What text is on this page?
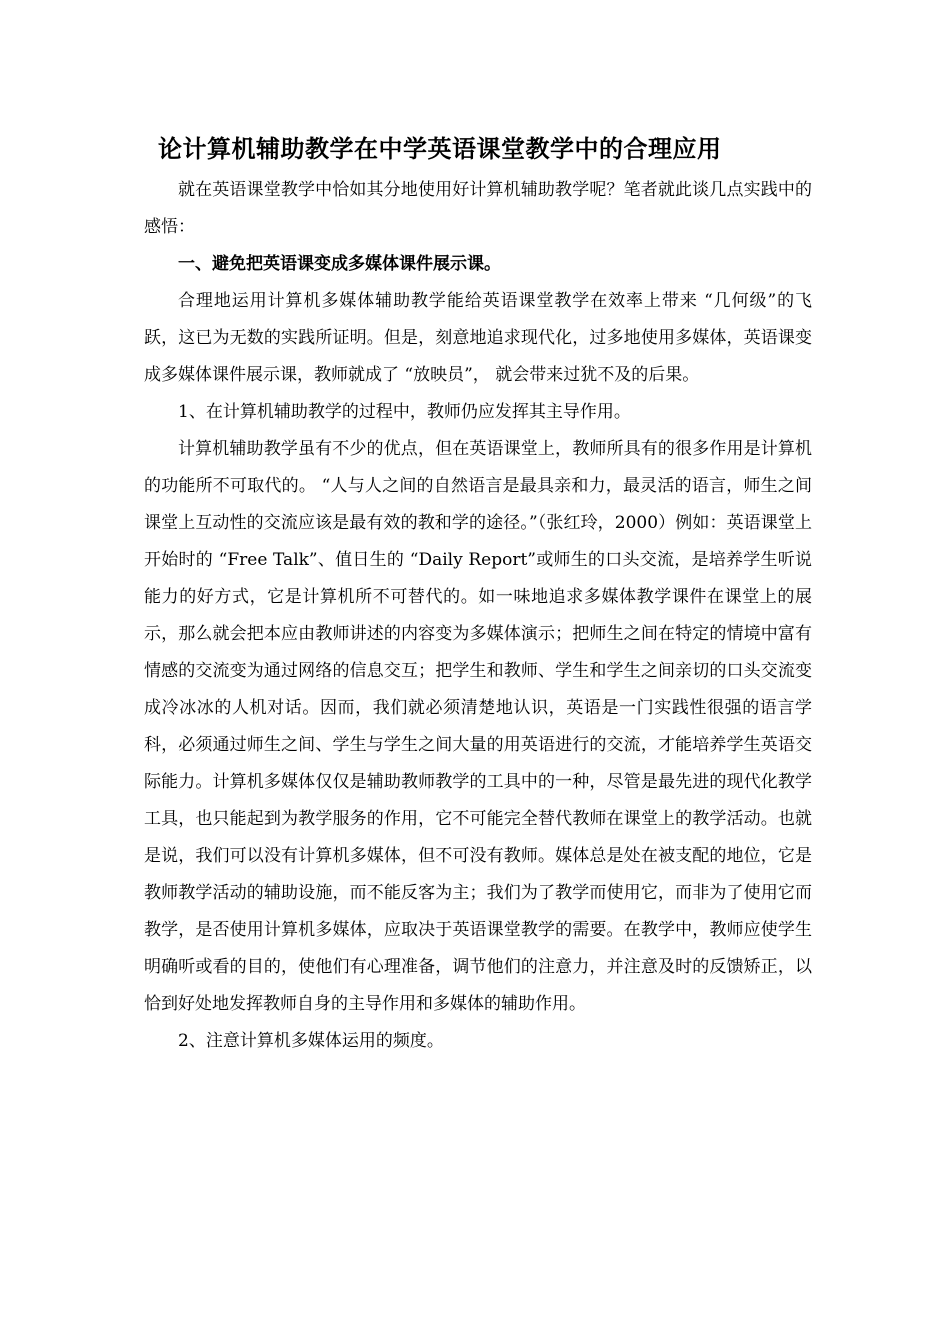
论计算机辅助教学在中学英语课堂教学中的合理应用

就在英语课堂教学中恰如其分地使用好计算机辅助教学呢？笔者就此谈几点实践中的感悟：

一、避免把英语课变成多媒体课件展示课。

合理地运用计算机多媒体辅助教学能给英语课堂教学在效率上带来 “几何级”的飞跃，这已为无数的实践所证明。但是，刻意地追求现代化，过多地使用多媒体，英语课变成多媒体课件展示课，教师就成了 “放映员”， 就会带来过犹不及的后果。

1、在计算机辅助教学的过程中，教师仍应发挥其主导作用。

计算机辅助教学虽有不少的优点，但在英语课堂上，教师所具有的很多作用是计算机的功能所不可取代的。 “人与人之间的自然语言是最具亲和力，最灵活的语言，师生之间课堂上互动性的交流应该是最有效的教和学的途径。”（张红玲，2000）例如：英语课堂上开始时的 “Free Talk”、值日生的 “Daily Report”或师生的口头交流，是培养学生听说能力的好方式，它是计算机所不可替代的。如一味地追求多媒体教学课件在课堂上的展示，那么就会把本应由教师讲述的内容变为多媒体演示；把师生之间在特定的情境中富有情感的交流变为通过网络的信息交互；把学生和教师、学生和学生之间亲切的口头交流变成冷冰冰的人机对话。因而，我们就必须清楚地认识，英语是一门实践性很强的语言学科，必须通过师生之间、学生与学生之间大量的用英语进行的交流，才能培养学生英语交际能力。计算机多媒体仅仅是辅助教师教学的工具中的一种，尽管是最先进的现代化教学工具，也只能起到为教学服务的作用，它不可能完全替代教师在课堂上的教学活动。也就是说，我们可以没有计算机多媒体，但不可没有教师。媒体总是处在被支配的地位，它是教师教学活动的辅助设施，而不能反客为主；我们为了教学而使用它，而非为了使用它而教学，是否使用计算机多媒体，应取决于英语课堂教学的需要。在教学中，教师应使学生明确听或看的目的，使他们有心理准备，调节他们的注意力，并注意及时的反馈矫正，以恰到好处地发挥教师自身的主导作用和多媒体的辅助作用。

2、注意计算机多媒体运用的频度。
